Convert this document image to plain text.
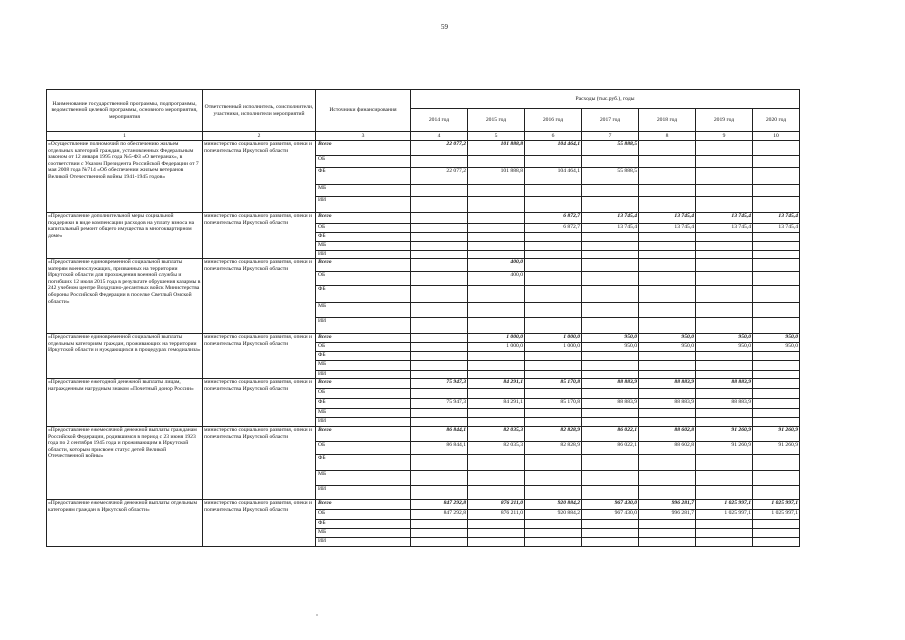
59
Наименование государственной программы, подпрограммы, ведомственной целевой программы, основного мероприятия, мероприятия	Ответственный исполнитель, соисполнители, участники, исполнители мероприятий	Источники финансирования	Расходы (тыс.руб.), годы						
			2014 год	2015 год	2016 год	2017 год	2018 год	2019 год	2020 год
1	2	3	4	5	6	7	8	9	10
«Осуществление полномочий по обеспечению жильем отдельных категорий граждан, установленных Федеральным законом от 12 января 1995 года №5-ФЗ «О ветеранах», в соответствии с Указом Президента Российской Федерации от 7 мая 2008 года №714 «Об обеспечении жильем ветеранов Великой Отечественной войны 1941-1945 годов»	министерство социального развития, опеки и попечительства Иркутской области	Всего	22 077,2	101 888,8	104 464,1	55 888,5			
		ОБ							
		ФБ	22 077,2	101 888,8	104 464,1	55 888,5			
		МБ							
		ИИ							
«Предоставление дополнительной меры социальной поддержки в виде компенсации расходов на уплату взноса на капитальный ремонт общего имущества в многоквартирном доме»	министерство социального развития, опеки и попечительства Иркутской области	Всего			6 872,7	13 745,4	13 745,4	13 745,4	13 745,4
		ОБ			6 872,7	13 745,4	13 745,4	13 745,4	13 745,4
		ФБ							
		МБ							
		ИИ							
«Предоставление единовременной социальной выплаты матерям военнослужащих, призванных на территории Иркутской области для прохождения военной службы и погибших 12 июля 2015 года в результате обрушения казармы в 242 учебном центре Воздушно-десантных войск Министерства обороны Российской Федерации в поселке Светлый Омской области»	министерство социального развития, опеки и попечительства Иркутской области	Всего		400,0					
		ОБ		400,0					
		ФБ							
		МБ							
		ИИ							
«Предоставление единовременной социальной выплаты отдельным категориям граждан, проживающих на территории Иркутской области и нуждающихся в процедурах гемодиализа»	министерство социального развития, опеки и попечительства Иркутской области	Всего		1 000,0	1 000,0	950,0	950,0	950,0	950,0
		ОБ		1 000,0	1 000,0	950,0	950,0	950,0	950,0
		ФБ							
		МБ							
		ИИ							
«Предоставление ежегодной денежной выплаты лицам, награжденным нагрудным знаком «Почетный донор России»	министерство социального развития, опеки и попечительства Иркутской области	Всего	75 947,3	84 291,1	85 170,8	88 883,9	88 883,9	88 883,9	
		ОБ							
		ФБ	75 947,3	84 291,1	85 170,8	88 883,9	88 883,9	88 883,9	
		МБ							
		ИИ							
«Предоставление ежемесячной денежной выплаты гражданам Российской Федерации, родившимся в период с 23 июня 1923 года по 2 сентября 1945 года и проживающим в Иркутской области, которым присвоен статус детей Великой Отечественной войны»	министерство социального развития, опеки и попечительства Иркутской области	Всего	86 844,1	82 035,3	82 828,9	86 022,1	88 602,8	91 260,9	91 260,9
		ОБ	86 844,1	82 035,3	82 828,9	86 022,1	88 602,8	91 260,9	91 260,9
		ФБ							
		МБ							
		ИИ							
«Предоставление ежемесячной денежной выплаты отдельным категориям граждан в Иркутской области»	министерство социального развития, опеки и попечительства Иркутской области	Всего	847 292,8	876 211,0	920 884,2	967 430,0	996 281,7	1 025 997,1	1 025 997,1
		ОБ	847 292,8	876 211,0	920 884,2	967 430,0	996 281,7	1 025 997,1	1 025 997,1
		ФБ							
		МБ							
		ИИ							
